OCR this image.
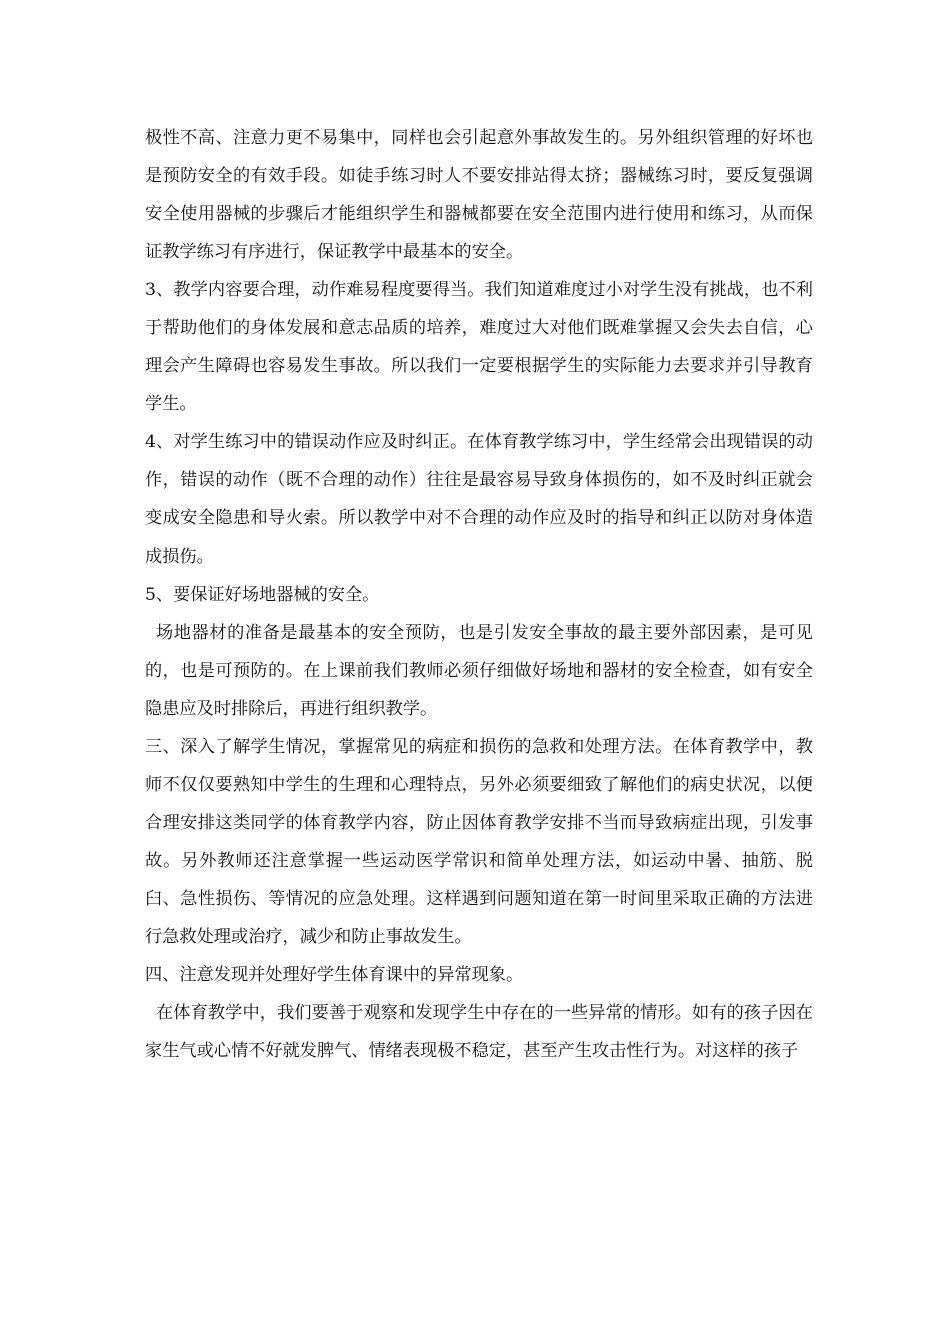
极性不高、注意力更不易集中，同样也会引起意外事故发生的。另外组织管理的好坏也是预防安全的有效手段。如徒手练习时人不要安排站得太挤；器械练习时，要反复强调安全使用器械的步骤后才能组织学生和器械都要在安全范围内进行使用和练习，从而保证教学练习有序进行，保证教学中最基本的安全。

3、教学内容要合理，动作难易程度要得当。我们知道难度过小对学生没有挑战，也不利于帮助他们的身体发展和意志品质的培养，难度过大对他们既难掌握又会失去自信，心理会产生障碍也容易发生事故。所以我们一定要根据学生的实际能力去要求并引导教育学生。

4、对学生练习中的错误动作应及时纠正。在体育教学练习中，学生经常会出现错误的动作，错误的动作（既不合理的动作）往往是最容易导致身体损伤的，如不及时纠正就会变成安全隐患和导火索。所以教学中对不合理的动作应及时的指导和纠正以防对身体造成损伤。

5、要保证好场地器械的安全。

场地器材的准备是最基本的安全预防，也是引发安全事故的最主要外部因素，是可见的，也是可预防的。在上课前我们教师必须仔细做好场地和器材的安全检查，如有安全隐患应及时排除后，再进行组织教学。

三、深入了解学生情况，掌握常见的病症和损伤的急救和处理方法。在体育教学中，教师不仅仅要熟知中学生的生理和心理特点，另外必须要细致了解他们的病史状况，以便合理安排这类同学的体育教学内容，防止因体育教学安排不当而导致病症出现，引发事故。另外教师还注意掌握一些运动医学常识和简单处理方法，如运动中暑、抽筋、脱臼、急性损伤、等情况的应急处理。这样遇到问题知道在第一时间里采取正确的方法进行急救处理或治疗，减少和防止事故发生。

四、注意发现并处理好学生体育课中的异常现象。

在体育教学中，我们要善于观察和发现学生中存在的一些异常的情形。如有的孩子因在家生气或心情不好就发脾气、情绪表现极不稳定，甚至产生攻击性行为。对这样的孩子
